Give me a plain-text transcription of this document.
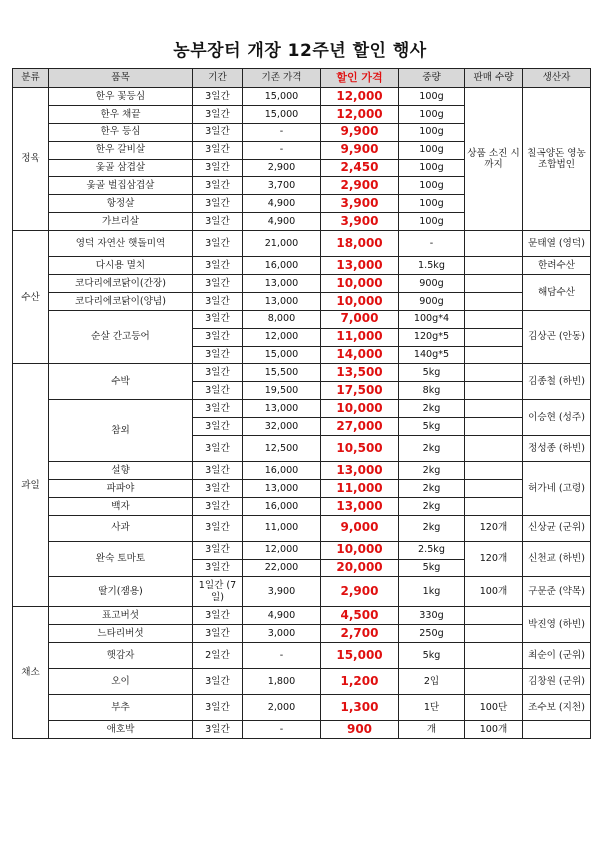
농부장터 개장 12주년 할인 행사
분류	품목	기간	기존 가격	할인 가격	중량	판매 수량	생산자
정육	한우 꽃등심	3일간	15,000	12,000	100g	상품 소진 시 까지	칠곡양돈 영농조합법인
	한우 채끝	3일간	15,000	12,000	100g		
	한우 등심	3일간	-	9,900	100g		
	한우 갈비살	3일간	-	9,900	100g		
	옻골 삼겹살	3일간	2,900	2,450	100g		
	옻골 벌집삼겹살	3일간	3,700	2,900	100g		
	항정살	3일간	4,900	3,900	100g		
	가브리살	3일간	4,900	3,900	100g		
수산	영덕 자연산 햇돌미역	3일간	21,000	18,000	-		문태열 (영덕)
	다시용 멸치	3일간	16,000	13,000	1.5kg		한려수산
	코다리에코닭이(간장)	3일간	13,000	10,000	900g		해담수산
	코다리에코닭이(양념)	3일간	13,000	10,000	900g		
	순살 간고등어	3일간	8,000	7,000	100g*4		김상곤 (안동)
		3일간	12,000	11,000	120g*5		
		3일간	15,000	14,000	140g*5		
과일	수박	3일간	15,500	13,500	5kg		김종철 (하빈)
		3일간	19,500	17,500	8kg		
	참외	3일간	13,000	10,000	2kg		이승현 (성주)
		3일간	32,000	27,000	5kg		
		3일간	12,500	10,500	2kg		정성종 (하빈)
	설향	3일간	16,000	13,000	2kg		허가네 (고령)
	파파야	3일간	13,000	11,000	2kg		
	백자	3일간	16,000	13,000	2kg		
	사과	3일간	11,000	9,000	2kg	120개	신상균 (군위)
	완숙 토마토	3일간	12,000	10,000	2.5kg	120개	신천교 (하빈)
		3일간	22,000	20,000	5kg		
	딸기(잼용)	1일간 (7일)	3,900	2,900	1kg	100개	구문준 (약목)
채소	표고버섯	3일간	4,900	4,500	330g		박진영 (하빈)
	느타리버섯	3일간	3,000	2,700	250g		
	햇감자	2일간	-	15,000	5kg		최순이 (군위)
	오이	3일간	1,800	1,200	2입		김창원 (군위)
	부추	3일간	2,000	1,300	1단	100단	조수보 (지천)
	애호박	3일간	-	900	개	100개	
